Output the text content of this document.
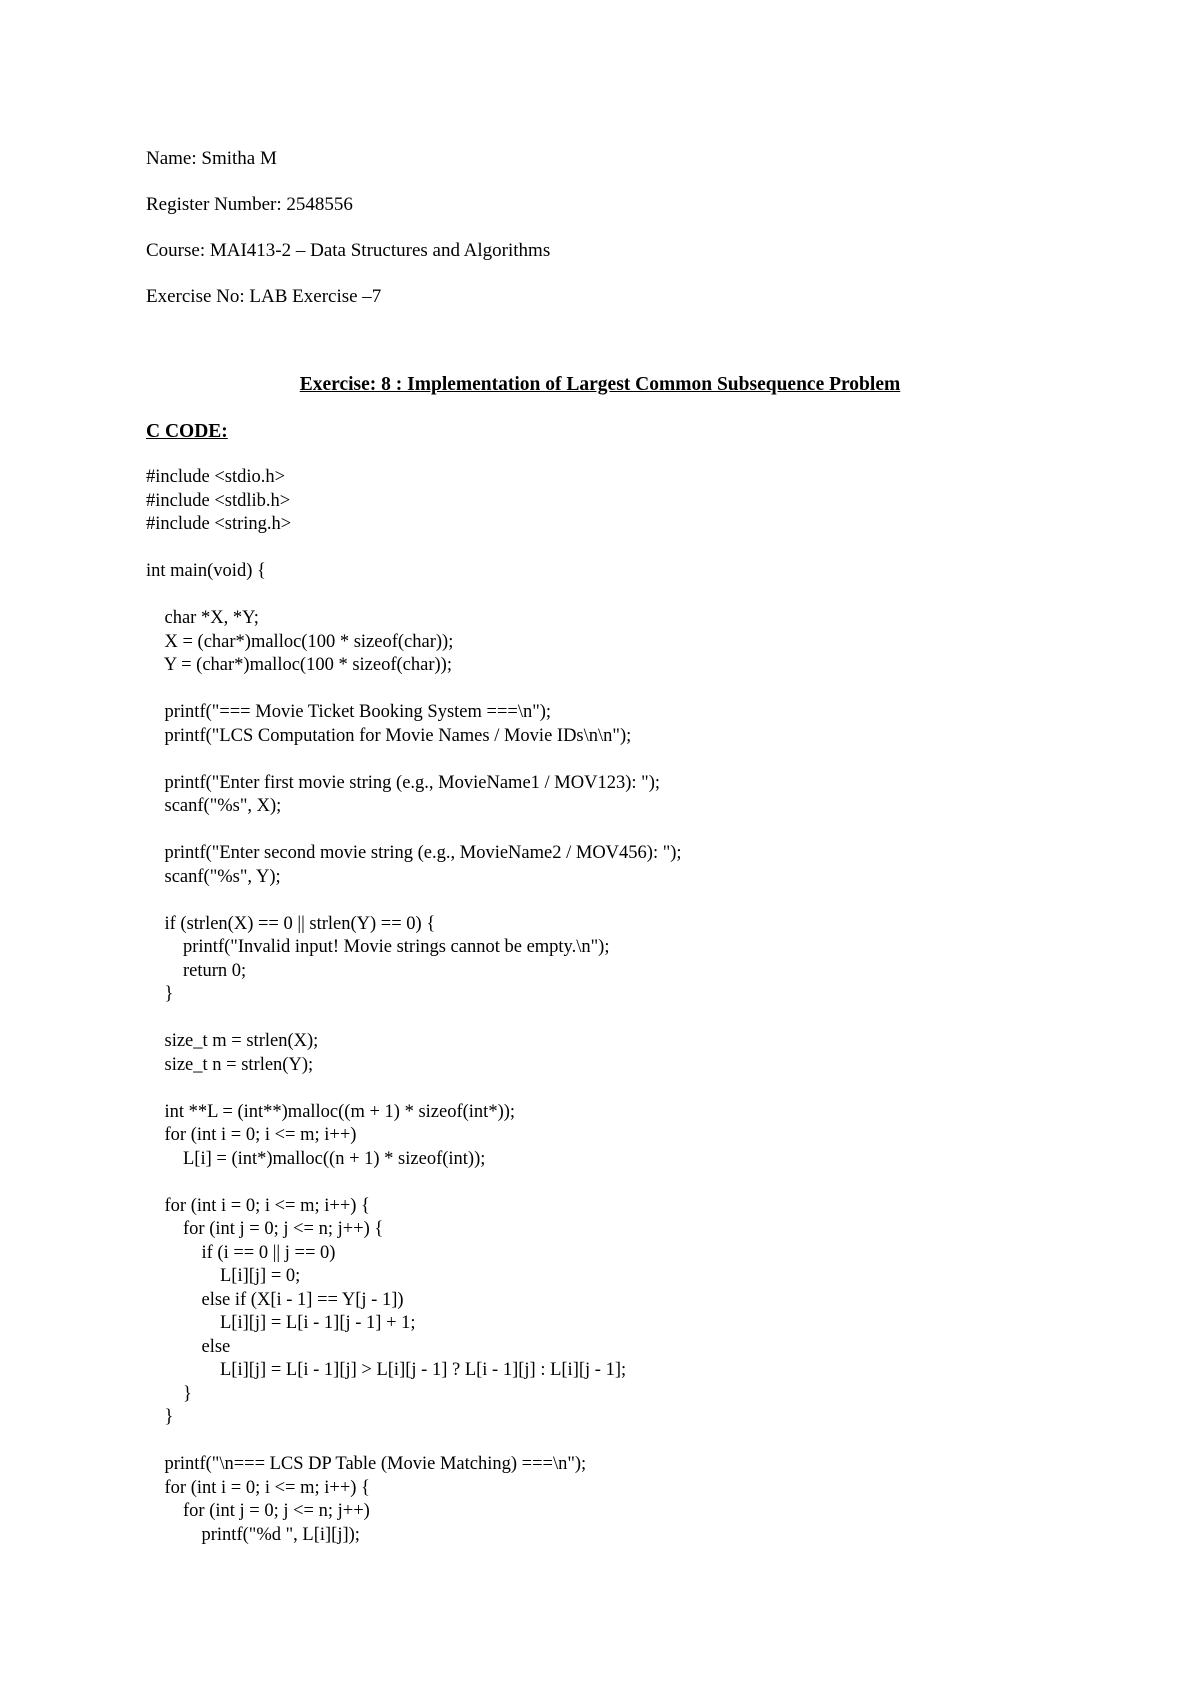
Name: Smitha M
Register Number: 2548556
Course: MAI413-2 – Data Structures and Algorithms
Exercise No: LAB Exercise –7
Exercise: 8 : Implementation of Largest Common Subsequence Problem
C CODE:
#include <stdio.h>
#include <stdlib.h>
#include <string.h>

int main(void) {

char *X, *Y;
X = (char*)malloc(100 * sizeof(char));
Y = (char*)malloc(100 * sizeof(char));

printf("=== Movie Ticket Booking System ===\n");
printf("LCS Computation for Movie Names / Movie IDs\n\n");

printf("Enter first movie string (e.g., MovieName1 / MOV123): ");
scanf("%s", X);

printf("Enter second movie string (e.g., MovieName2 / MOV456): ");
scanf("%s", Y);

if (strlen(X) == 0 || strlen(Y) == 0) {
printf("Invalid input! Movie strings cannot be empty.\n");
return 0;
}

size_t m = strlen(X);
size_t n = strlen(Y);

int **L = (int**)malloc((m + 1) * sizeof(int*));
for (int i = 0; i <= m; i++)
L[i] = (int*)malloc((n + 1) * sizeof(int));

for (int i = 0; i <= m; i++) {
for (int j = 0; j <= n; j++) {
if (i == 0 || j == 0)
L[i][j] = 0;
else if (X[i - 1] == Y[j - 1])
L[i][j] = L[i - 1][j - 1] + 1;
else
L[i][j] = L[i - 1][j] > L[i][j - 1] ? L[i - 1][j] : L[i][j - 1];
}
}

printf("\n=== LCS DP Table (Movie Matching) ===\n");
for (int i = 0; i <= m; i++) {
for (int j = 0; j <= n; j++)
printf("%d ", L[i][j]);
